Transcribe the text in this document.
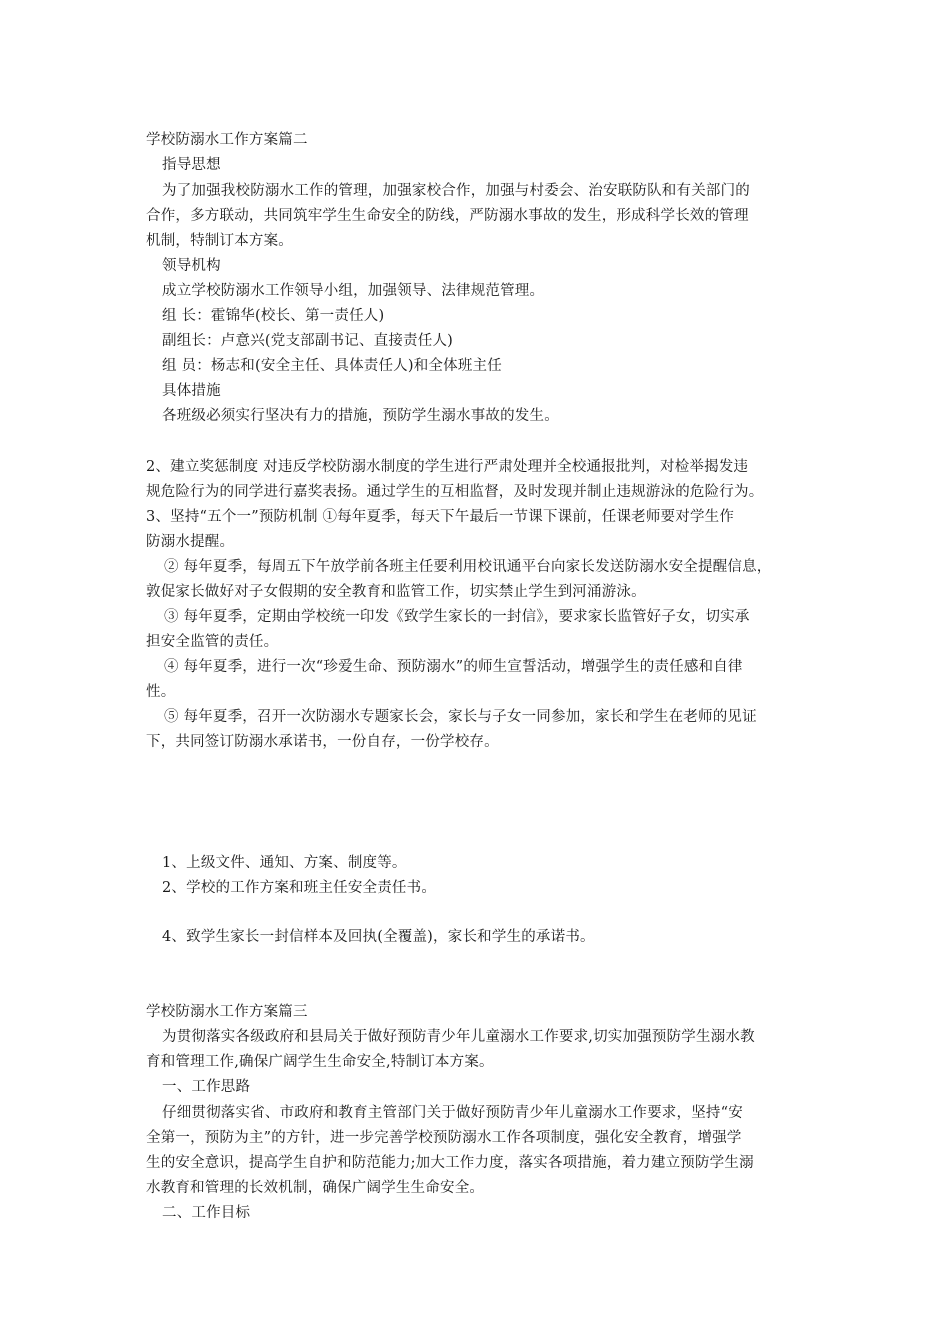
学校防溺水工作方案篇二
指导思想
为了加强我校防溺水工作的管理，加强家校合作，加强与村委会、治安联防队和有关部门的
合作，多方联动，共同筑牢学生生命安全的防线，严防溺水事故的发生，形成科学长效的管理
机制，特制订本方案。
领导机构
成立学校防溺水工作领导小组，加强领导、法律规范管理。
组 长：霍锦华(校长、第一责任人)
副组长：卢意兴(党支部副书记、直接责任人)
组 员：杨志和(安全主任、具体责任人)和全体班主任
具体措施
各班级必须实行坚决有力的措施，预防学生溺水事故的发生。
2、建立奖惩制度 对违反学校防溺水制度的学生进行严肃处理并全校通报批判，对检举揭发违
规危险行为的同学进行嘉奖表扬。通过学生的互相监督，及时发现并制止违规游泳的危险行为。
3、坚持“五个一”预防机制 ①每年夏季，每天下午最后一节课下课前，任课老师要对学生作
防溺水提醒。
② 每年夏季，每周五下午放学前各班主任要利用校讯通平台向家长发送防溺水安全提醒信息，
敦促家长做好对子女假期的安全教育和监管工作，切实禁止学生到河涌游泳。
③ 每年夏季，定期由学校统一印发《致学生家长的一封信》，要求家长监管好子女，切实承
担安全监管的责任。
④ 每年夏季，进行一次“珍爱生命、预防溺水”的师生宣誓活动，增强学生的责任感和自律
性。
⑤ 每年夏季，召开一次防溺水专题家长会，家长与子女一同参加，家长和学生在老师的见证
下，共同签订防溺水承诺书，一份自存，一份学校存。
1、上级文件、通知、方案、制度等。
2、学校的工作方案和班主任安全责任书。
4、致学生家长一封信样本及回执(全覆盖)，家长和学生的承诺书。
学校防溺水工作方案篇三
为贯彻落实各级政府和县局关于做好预防青少年儿童溺水工作要求,切实加强预防学生溺水教
育和管理工作,确保广阔学生生命安全,特制订本方案。
一、工作思路
仔细贯彻落实省、市政府和教育主管部门关于做好预防青少年儿童溺水工作要求，坚持“安
全第一，预防为主”的方针，进一步完善学校预防溺水工作各项制度，强化安全教育，增强学
生的安全意识，提高学生自护和防范能力;加大工作力度，落实各项措施，着力建立预防学生溺
水教育和管理的长效机制，确保广阔学生生命安全。
二、工作目标
